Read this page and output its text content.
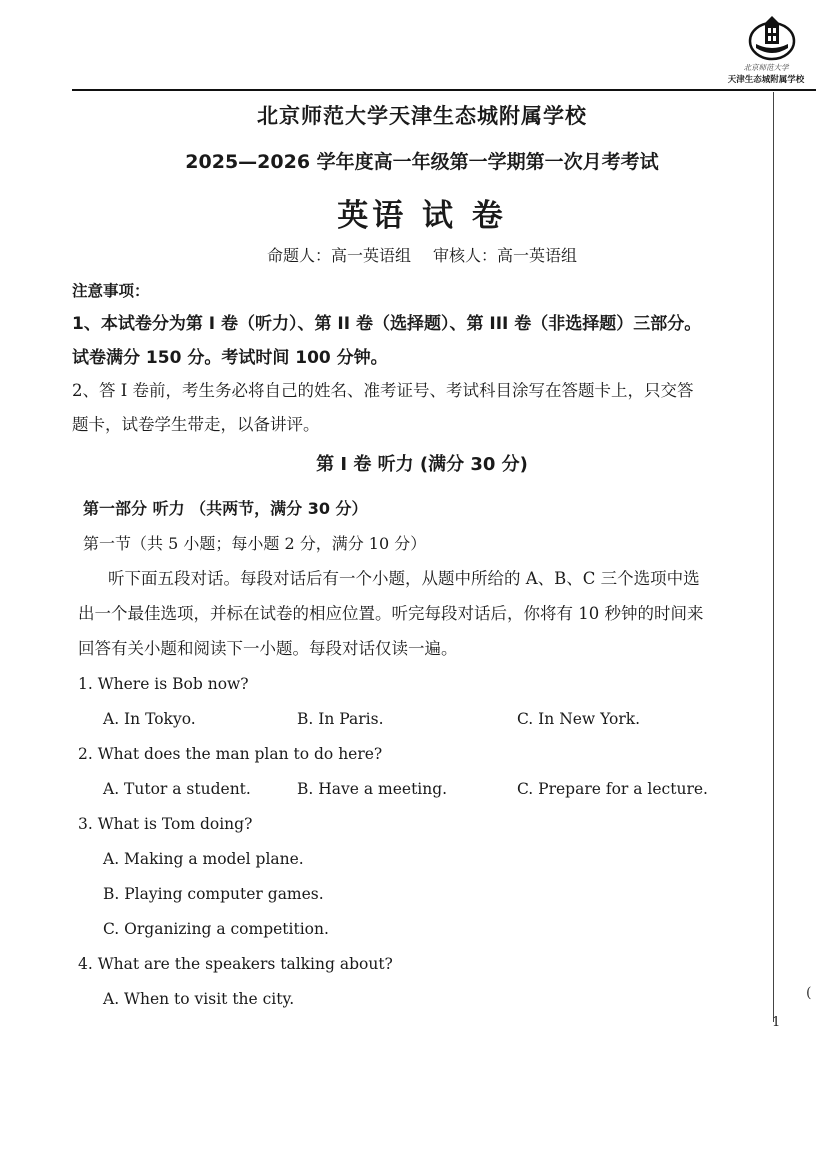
北京师范大学
天津生态城附属学校
(
北京师范大学天津生态城附属学校
2025—2026 学年度高一年级第一学期第一次月考考试
英语 试 卷
命题人：高一英语组 审核人：高一英语组
注意事项：
1、本试卷分为第 I 卷（听力）、第 II 卷（选择题）、第 III 卷（非选择题）三部分。
试卷满分 150 分。考试时间 100 分钟。
2、答 I 卷前，考生务必将自己的姓名、准考证号、考试科目涂写在答题卡上，只交答
题卡，试卷学生带走，以备讲评。
第 I 卷 听力 (满分 30 分)
第一部分 听力 （共两节，满分 30 分）
第一节（共 5 小题；每小题 2 分，满分 10 分）
听下面五段对话。每段对话后有一个小题，从题中所给的 A、B、C 三个选项中选
出一个最佳选项，并标在试卷的相应位置。听完每段对话后，你将有 10 秒钟的时间来
回答有关小题和阅读下一小题。每段对话仅读一遍。
1. Where is Bob now?
A. In Tokyo.	B. In Paris.	C. In New York.
2. What does the man plan to do here?
A. Tutor a student.	B. Have a meeting.	C. Prepare for a lecture.
3. What is Tom doing?
A. Making a model plane.
B. Playing computer games.
C. Organizing a competition.
4. What are the speakers talking about?
A. When to visit the city.
1
